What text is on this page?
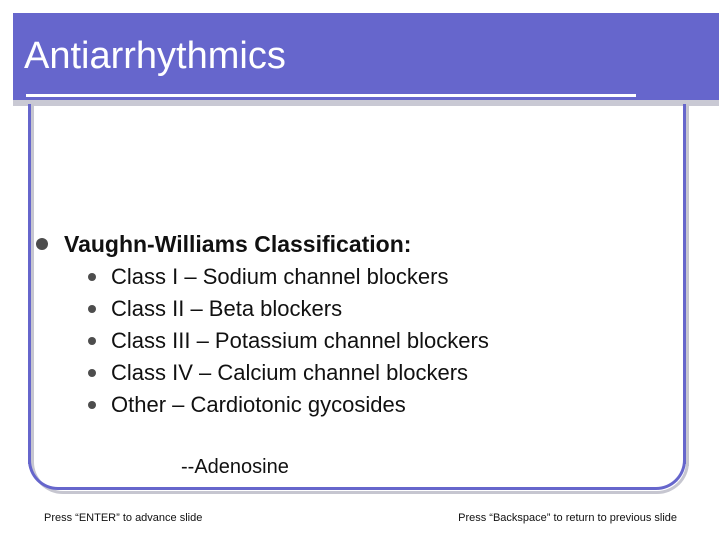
Antiarrhythmics
Vaughn-Williams Classification:
Class I – Sodium channel blockers
Class II – Beta blockers
Class III – Potassium channel blockers
Class IV – Calcium channel blockers
Other – Cardiotonic gycosides
--Adenosine
Press “ENTER” to advance slide	Press “Backspace” to return to previous slide
